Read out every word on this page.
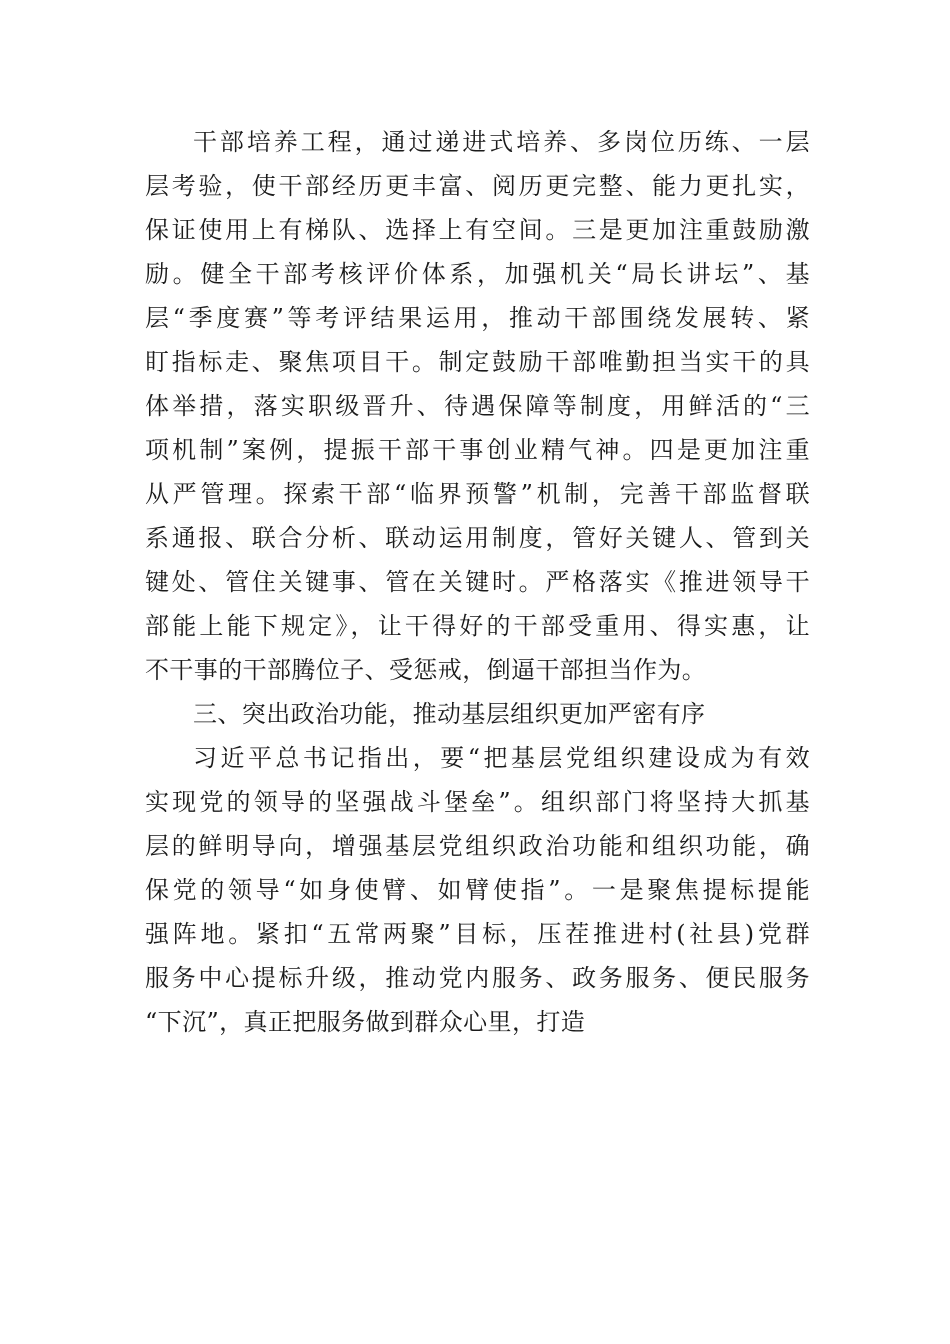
干部培养工程，通过递进式培养、多岗位历练、一层
层考验，使干部经历更丰富、阅历更完整、能力更扎实，
保证使用上有梯队、选择上有空间。三是更加注重鼓励激
励。健全干部考核评价体系，加强机关“局长讲坛”、基
层“季度赛”等考评结果运用，推动干部围绕发展转、紧
盯指标走、聚焦项目干。制定鼓励干部唯勤担当实干的具
体举措，落实职级晋升、待遇保障等制度，用鲜活的“三
项机制”案例，提振干部干事创业精气神。四是更加注重
从严管理。探索干部“临界预警”机制，完善干部监督联
系通报、联合分析、联动运用制度，管好关键人、管到关
键处、管住关键事、管在关键时。严格落实《推进领导干
部能上能下规定》，让干得好的干部受重用、得实惠，让
不干事的干部腾位子、受惩戒，倒逼干部担当作为。
三、突出政治功能，推动基层组织更加严密有序
习近平总书记指出，要“把基层党组织建设成为有效
实现党的领导的坚强战斗堡垒”。组织部门将坚持大抓基
层的鲜明导向，增强基层党组织政治功能和组织功能，确
保党的领导“如身使臂、如臂使指”。一是聚焦提标提能
强阵地。紧扣“五常两聚”目标，压茬推进村(社县)党群
服务中心提标升级，推动党内服务、政务服务、便民服务
“下沉”，真正把服务做到群众心里，打造
